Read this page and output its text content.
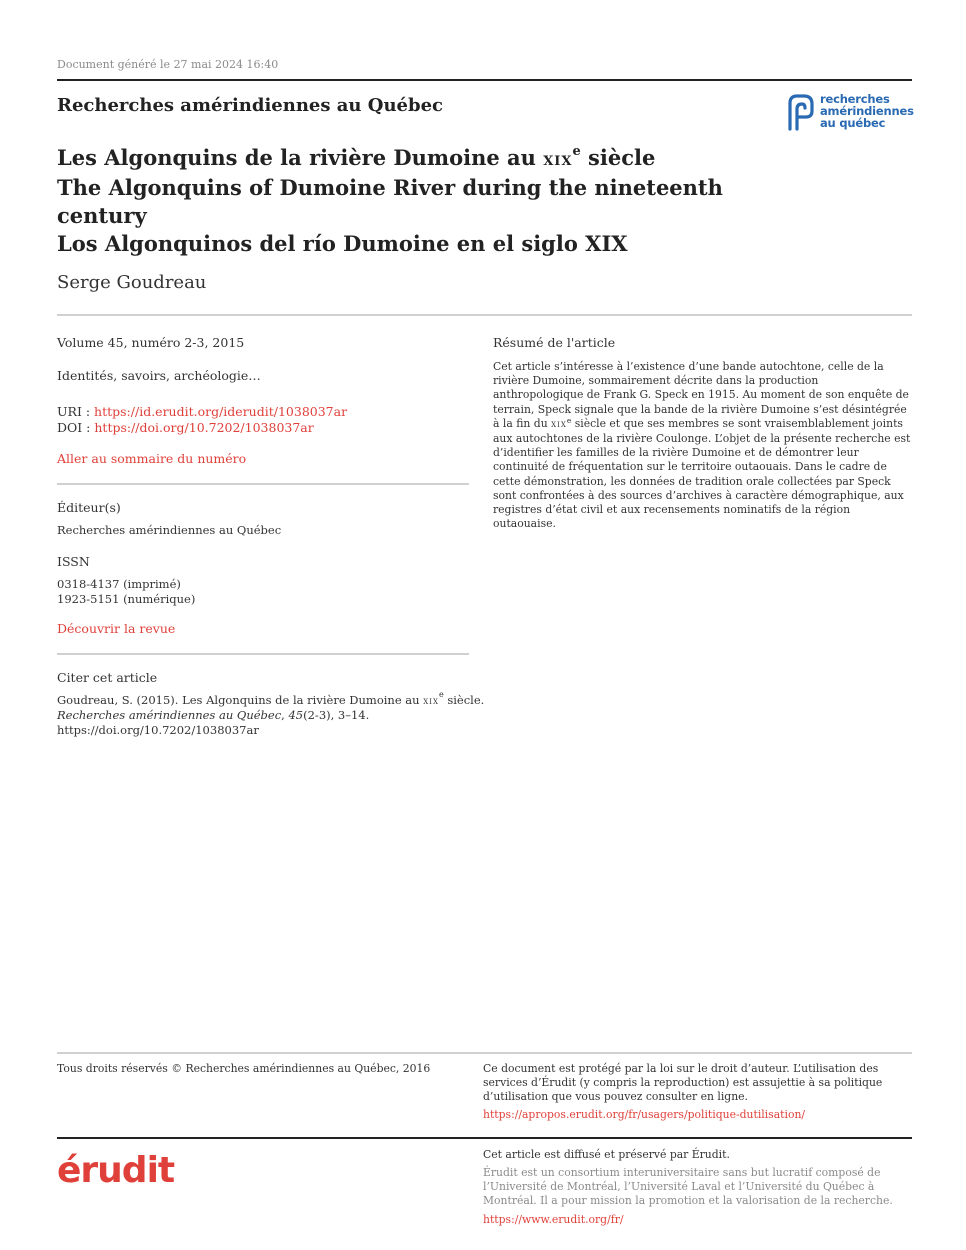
Document généré le 27 mai 2024 16:40
Recherches amérindiennes au Québec	recherches
amérindiennes
au québec
Les Algonquins de la rivière Dumoine au xix$^e$ siècle
The Algonquins of Dumoine River during the nineteenth century
Los Algonquinos del río Dumoine en el siglo XIX
Serge Goudreau
Volume 45, numéro 2-3, 2015
Identités, savoirs, archéologie…
URI : https://id.erudit.org/iderudit/1038037ar
DOI : https://doi.org/10.7202/1038037ar
Aller au sommaire du numéro
Éditeur(s)
Recherches amérindiennes au Québec
ISSN
0318-4137 (imprimé)
1923-5151 (numérique)
Découvrir la revue
Citer cet article
Goudreau, S. (2015). Les Algonquins de la rivière Dumoine au xix$^e$ siècle.
Recherches amérindiennes au Québec, 45(2-3), 3–14.
https://doi.org/10.7202/1038037ar
Résumé de l'article
Cet article s’intéresse à l’existence d’une bande autochtone, celle de la rivière Dumoine, sommairement décrite dans la production anthropologique de Frank G. Speck en 1915. Au moment de son enquête de terrain, Speck signale que la bande de la rivière Dumoine s’est désintégrée à la fin du xix$^e$ siècle et que ses membres se sont vraisemblablement joints aux autochtones de la rivière Coulonge. L’objet de la présente recherche est d’identifier les familles de la rivière Dumoine et de démontrer leur continuité de fréquentation sur le territoire outaouais. Dans le cadre de cette démonstration, les données de tradition orale collectées par Speck sont confrontées à des sources d’archives à caractère démographique, aux registres d’état civil et aux recensements nominatifs de la région outaouaise.
Tous droits réservés © Recherches amérindiennes au Québec, 2016	Ce document est protégé par la loi sur le droit d’auteur. L’utilisation des services d’Érudit (y compris la reproduction) est assujettie à sa politique d’utilisation que vous pouvez consulter en ligne.
https://apropos.erudit.org/fr/usagers/politique-dutilisation/
érudit	Cet article est diffusé et préservé par Érudit.
Érudit est un consortium interuniversitaire sans but lucratif composé de l’Université de Montréal, l’Université Laval et l’Université du Québec à Montréal. Il a pour mission la promotion et la valorisation de la recherche.
https://www.erudit.org/fr/
